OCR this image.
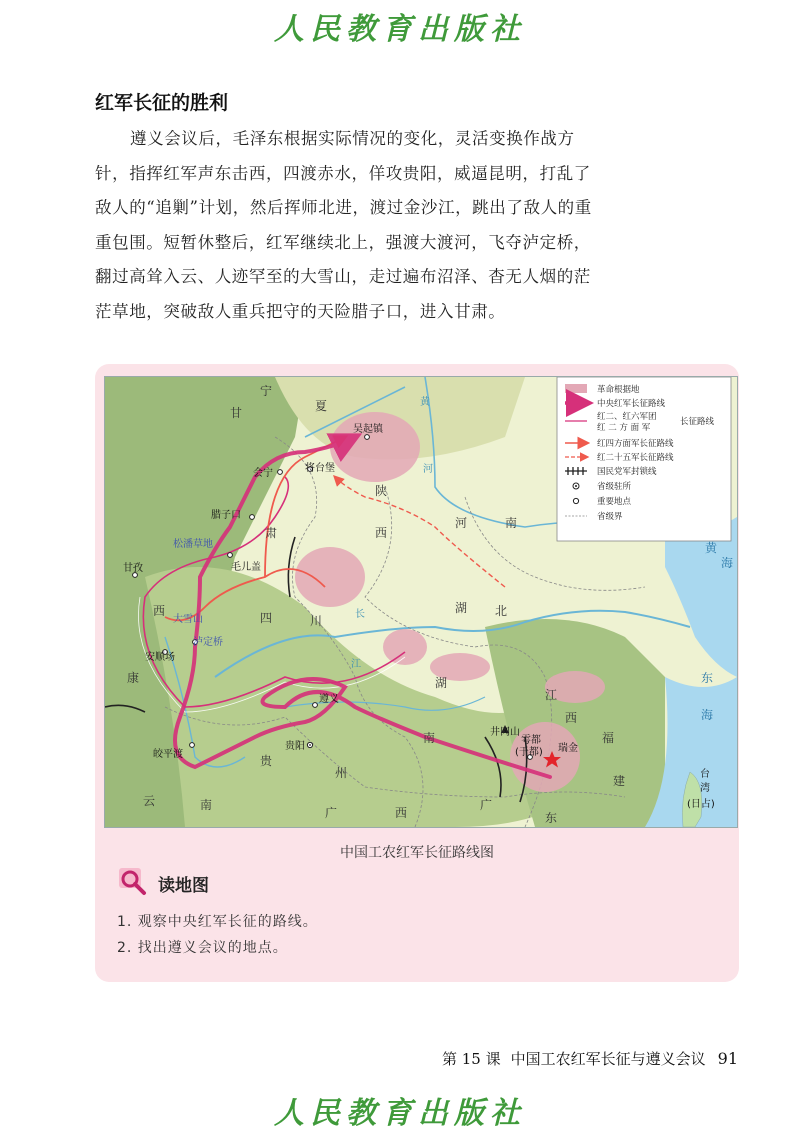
人民教育出版社
红军长征的胜利

遵义会议后，毛泽东根据实际情况的变化，灵活变换作战方针，指挥红军声东击西，四渡赤水，佯攻贵阳，威逼昆明，打乱了敌人的“追剿”计划，然后挥师北进，渡过金沙江，跳出了敌人的重重包围。短暂休整后，红军继续北上，强渡大渡河，飞夺泸定桥，翻过高耸入云、人迹罕至的大雪山，走过遍布沼泽、杳无人烟的茫茫草地，突破敌人重兵把守的天险腊子口，进入甘肃。

吴起镇
会宁	将台堡
腊子口
松潘草地
毛儿盖
甘孜
大雪山
泸定桥
安顺场
遵义
贵阳
皎平渡
井冈山
雩都
(于都) 瑞金
台
湾
(日占)
宁
夏
甘
肃
陕
西
河	南
四	川
西
康
湖 北
湖
南
贵
州
云	南
广	西
广
东
江
西
福
建
黄
海
东
海
黄
河
长
江
革命根据地
中央红军长征路线
红二、红六军团
红 二 方 面 军
长征路线
红四方面军长征路线
红二十五军长征路线
国民党军封锁线
省级驻所
重要地点
省级界
中国工农红军长征路线图
读地图
1. 观察中央红军长征的路线。
2. 找出遵义会议的地点。
第 15 课 中国工农红军长征与遵义会议 91
人民教育出版社
